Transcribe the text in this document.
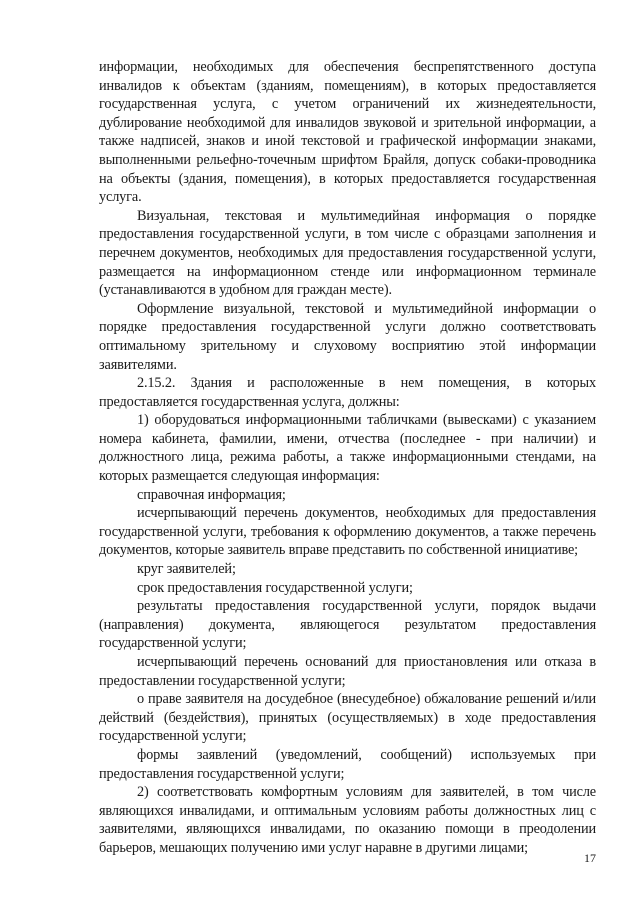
информации, необходимых для обеспечения беспрепятственного доступа инвалидов к объектам (зданиям, помещениям), в которых предоставляется государственная услуга, с учетом ограничений их жизнедеятельности, дублирование необходимой для инвалидов звуковой и зрительной информации, а также надписей, знаков и иной текстовой и графической информации знаками, выполненными рельефно-точечным шрифтом Брайля, допуск собаки-проводника на объекты (здания, помещения), в которых предоставляется государственная услуга.

Визуальная, текстовая и мультимедийная информация о порядке предоставления государственной услуги, в том числе с образцами заполнения и перечнем документов, необходимых для предоставления государственной услуги, размещается на информационном стенде или информационном терминале (устанавливаются в удобном для граждан месте).

Оформление визуальной, текстовой и мультимедийной информации о порядке предоставления государственной услуги должно соответствовать оптимальному зрительному и слуховому восприятию этой информации заявителями.

2.15.2. Здания и расположенные в нем помещения, в которых предоставляется государственная услуга, должны:

1) оборудоваться информационными табличками (вывесками) с указанием номера кабинета, фамилии, имени, отчества (последнее - при наличии) и должностного лица, режима работы, а также информационными стендами, на которых размещается следующая информация:

справочная информация;

исчерпывающий перечень документов, необходимых для предоставления государственной услуги, требования к оформлению документов, а также перечень документов, которые заявитель вправе представить по собственной инициативе;

круг заявителей;

срок предоставления государственной услуги;

результаты предоставления государственной услуги, порядок выдачи (направления) документа, являющегося результатом предоставления государственной услуги;

исчерпывающий перечень оснований для приостановления или отказа в предоставлении государственной услуги;

о праве заявителя на досудебное (внесудебное) обжалование решений и/или действий (бездействия), принятых (осуществляемых) в ходе предоставления государственной услуги;

формы заявлений (уведомлений, сообщений) используемых при предоставления государственной услуги;

2) соответствовать комфортным условиям для заявителей, в том числе являющихся инвалидами, и оптимальным условиям работы должностных лиц с заявителями, являющихся инвалидами, по оказанию помощи в преодолении барьеров, мешающих получению ими услуг наравне в другими лицами;

17
